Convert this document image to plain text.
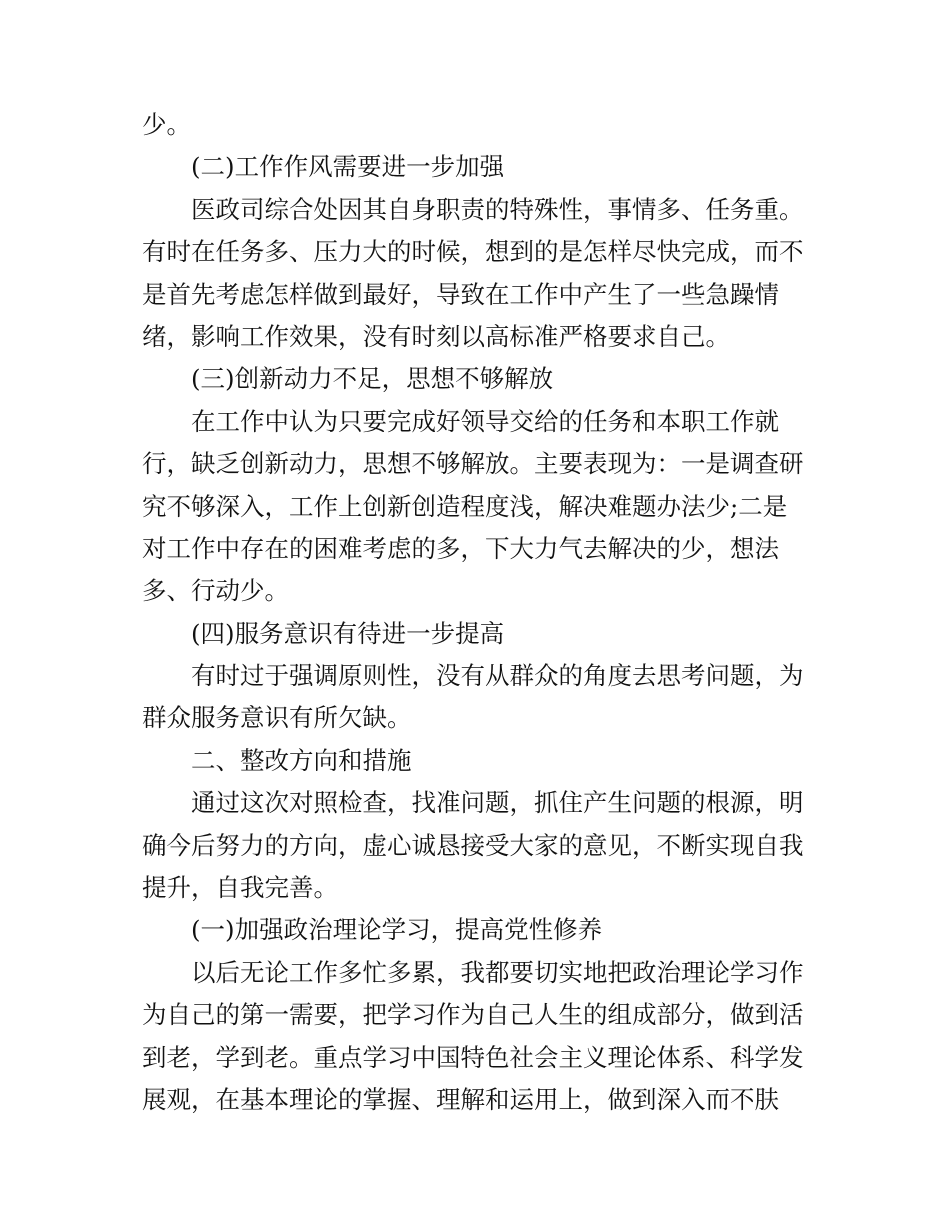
少。
(二)工作作风需要进一步加强
医政司综合处因其自身职责的特殊性，事情多、任务重。
有时在任务多、压力大的时候，想到的是怎样尽快完成，而不
是首先考虑怎样做到最好，导致在工作中产生了一些急躁情
绪，影响工作效果，没有时刻以高标准严格要求自己。
(三)创新动力不足，思想不够解放
在工作中认为只要完成好领导交给的任务和本职工作就
行，缺乏创新动力，思想不够解放。主要表现为：一是调查研
究不够深入，工作上创新创造程度浅，解决难题办法少;二是
对工作中存在的困难考虑的多，下大力气去解决的少，想法
多、行动少。
(四)服务意识有待进一步提高
有时过于强调原则性，没有从群众的角度去思考问题，为
群众服务意识有所欠缺。
二、整改方向和措施
通过这次对照检查，找准问题，抓住产生问题的根源，明
确今后努力的方向，虚心诚恳接受大家的意见，不断实现自我
提升，自我完善。
(一)加强政治理论学习，提高党性修养
以后无论工作多忙多累，我都要切实地把政治理论学习作
为自己的第一需要，把学习作为自己人生的组成部分，做到活
到老，学到老。重点学习中国特色社会主义理论体系、科学发
展观，在基本理论的掌握、理解和运用上，做到深入而不肤
